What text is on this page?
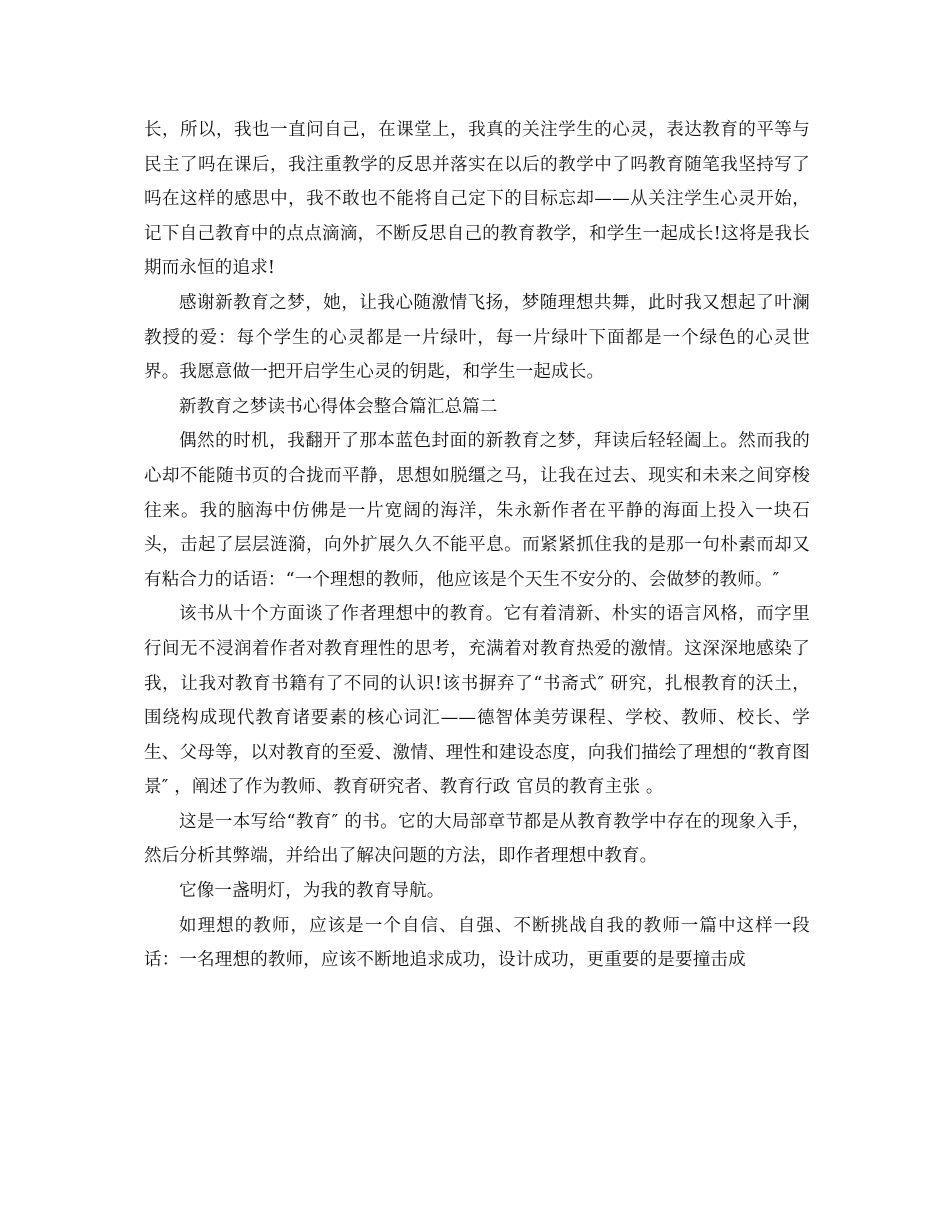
长，所以，我也一直问自己，在课堂上，我真的关注学生的心灵，表达教育的平等与民主了吗在课后，我注重教学的反思并落实在以后的教学中了吗教育随笔我坚持写了吗在这样的感思中，我不敢也不能将自己定下的目标忘却——从关注学生心灵开始，记下自己教育中的点点滴滴，不断反思自己的教育教学，和学生一起成长!这将是我长期而永恒的追求!

感谢新教育之梦，她，让我心随激情飞扬，梦随理想共舞，此时我又想起了叶澜教授的爱：每个学生的心灵都是一片绿叶，每一片绿叶下面都是一个绿色的心灵世界。我愿意做一把开启学生心灵的钥匙，和学生一起成长。

新教育之梦读书心得体会整合篇汇总篇二

偶然的时机，我翻开了那本蓝色封面的新教育之梦，拜读后轻轻阖上。然而我的心却不能随书页的合拢而平静，思想如脱缰之马，让我在过去、现实和未来之间穿梭往来。我的脑海中仿佛是一片宽阔的海洋，朱永新作者在平静的海面上投入一块石头，击起了层层涟漪，向外扩展久久不能平息。而紧紧抓住我的是那一句朴素而却又有粘合力的话语：“一个理想的教师，他应该是个天生不安分的、会做梦的教师。″

该书从十个方面谈了作者理想中的教育。它有着清新、朴实的语言风格，而字里行间无不浸润着作者对教育理性的思考，充满着对教育热爱的激情。这深深地感染了我，让我对教育书籍有了不同的认识!该书摒弃了“书斋式″ 研究，扎根教育的沃土，围绕构成现代教育诸要素的核心词汇——德智体美劳课程、学校、教师、校长、学生、父母等，以对教育的至爱、激情、理性和建设态度，向我们描绘了理想的“教育图景″ ，阐述了作为教师、教育研究者、教育行政 官员的教育主张 。

这是一本写给“教育″ 的书。它的大局部章节都是从教育教学中存在的现象入手，然后分析其弊端，并给出了解决问题的方法，即作者理想中教育。

它像一盏明灯，为我的教育导航。

如理想的教师，应该是一个自信、自强、不断挑战自我的教师一篇中这样一段话：一名理想的教师，应该不断地追求成功，设计成功，更重要的是要撞击成
